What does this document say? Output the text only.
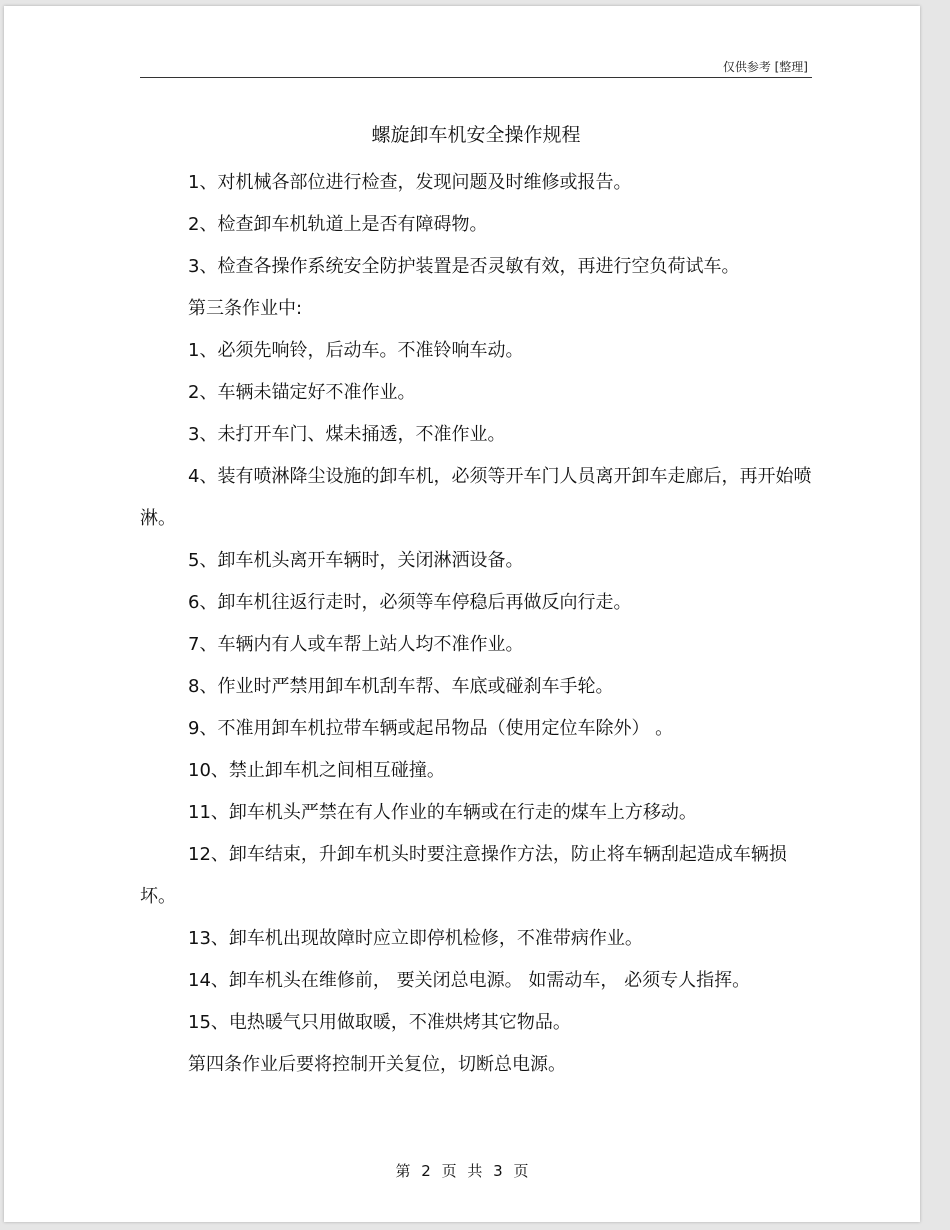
仅供参考 [整理]
螺旋卸车机安全操作规程

1、对机械各部位进行检查，发现问题及时维修或报告。

2、检查卸车机轨道上是否有障碍物。

3、检查各操作系统安全防护装置是否灵敏有效，再进行空负荷试车。

第三条作业中:

1、必须先响铃，后动车。不准铃响车动。

2、车辆未锚定好不准作业。

3、未打开车门、煤未捅透，不准作业。

4、装有喷淋降尘设施的卸车机，必须等开车门人员离开卸车走廊后，再开始喷淋。

5、卸车机头离开车辆时，关闭淋洒设备。

6、卸车机往返行走时，必须等车停稳后再做反向行走。

7、车辆内有人或车帮上站人均不准作业。

8、作业时严禁用卸车机刮车帮、车底或碰刹车手轮。

9、不准用卸车机拉带车辆或起吊物品（使用定位车除外） 。

10、禁止卸车机之间相互碰撞。

11、卸车机头严禁在有人作业的车辆或在行走的煤车上方移动。

12、卸车结束，升卸车机头时要注意操作方法，防止将车辆刮起造成车辆损坏。

13、卸车机出现故障时应立即停机检修，不准带病作业。

14、卸车机头在维修前， 要关闭总电源。 如需动车， 必须专人指挥。

15、电热暖气只用做取暖，不准烘烤其它物品。

第四条作业后要将控制开关复位，切断总电源。

第 2 页 共 3 页
